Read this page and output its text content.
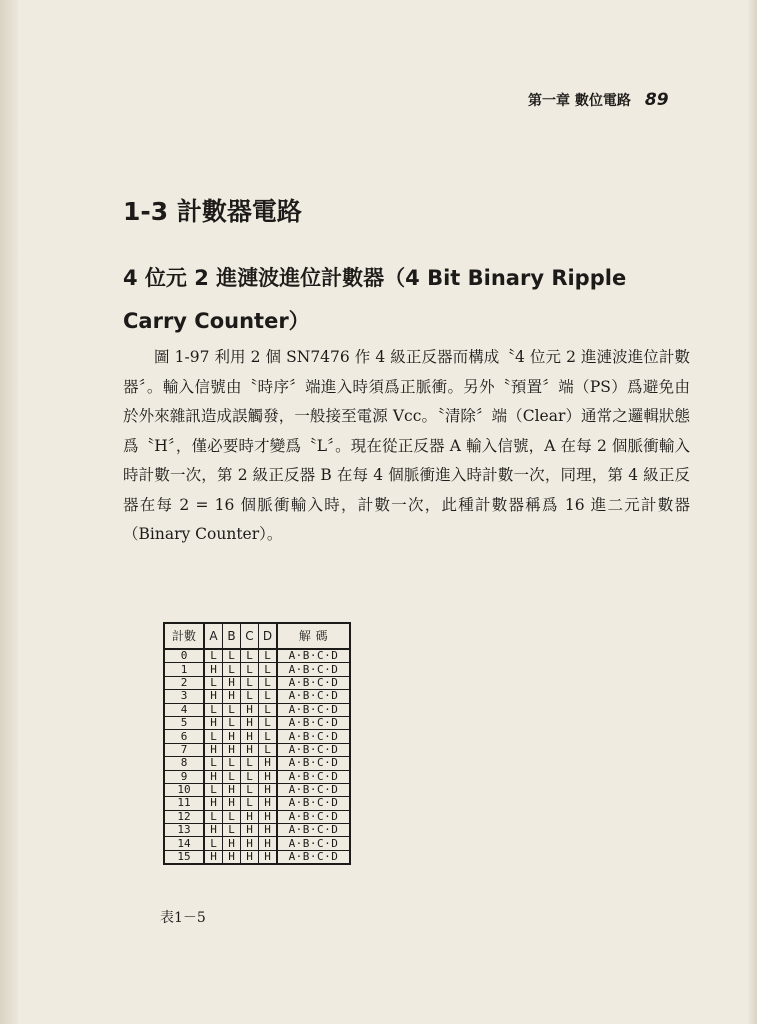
第一章 數位電路 89
1-3 計數器電路
4 位元 2 進漣波進位計數器（4 Bit Binary Ripple Carry Counter）

圖 1-97 利用 2 個 SN7476 作 4 級正反器而構成〝4 位元 2 進漣波進位計數器〞。輸入信號由〝時序〞端進入時須爲正脈衝。另外〝預置〞端（PS）爲避免由於外來雜訊造成誤觸發，一般接至電源 Vcc。〝清除〞端（Clear）通常之邏輯狀態爲〝H〞，僅必要時才變爲〝L〞。現在從正反器 A 輸入信號，A 在每 2 個脈衝輸入時計數一次，第 2 級正反器 B 在每 4 個脈衝進入時計數一次，同理，第 4 級正反器在每 2 = 16 個脈衝輸入時，計數一次，此種計數器稱爲 16 進二元計數器（Binary Counter）。

計數	A	B	C	D	解 碼
0	L	L	L	L	A·B·C·D
1	H	L	L	L	A·B·C·D
2	L	H	L	L	A·B·C·D
3	H	H	L	L	A·B·C·D
4	L	L	H	L	A·B·C·D
5	H	L	H	L	A·B·C·D
6	L	H	H	L	A·B·C·D
7	H	H	H	L	A·B·C·D
8	L	L	L	H	A·B·C·D
9	H	L	L	H	A·B·C·D
10	L	H	L	H	A·B·C·D
11	H	H	L	H	A·B·C·D
12	L	L	H	H	A·B·C·D
13	H	L	H	H	A·B·C·D
14	L	H	H	H	A·B·C·D
15	H	H	H	H	A·B·C·D
表1－5
